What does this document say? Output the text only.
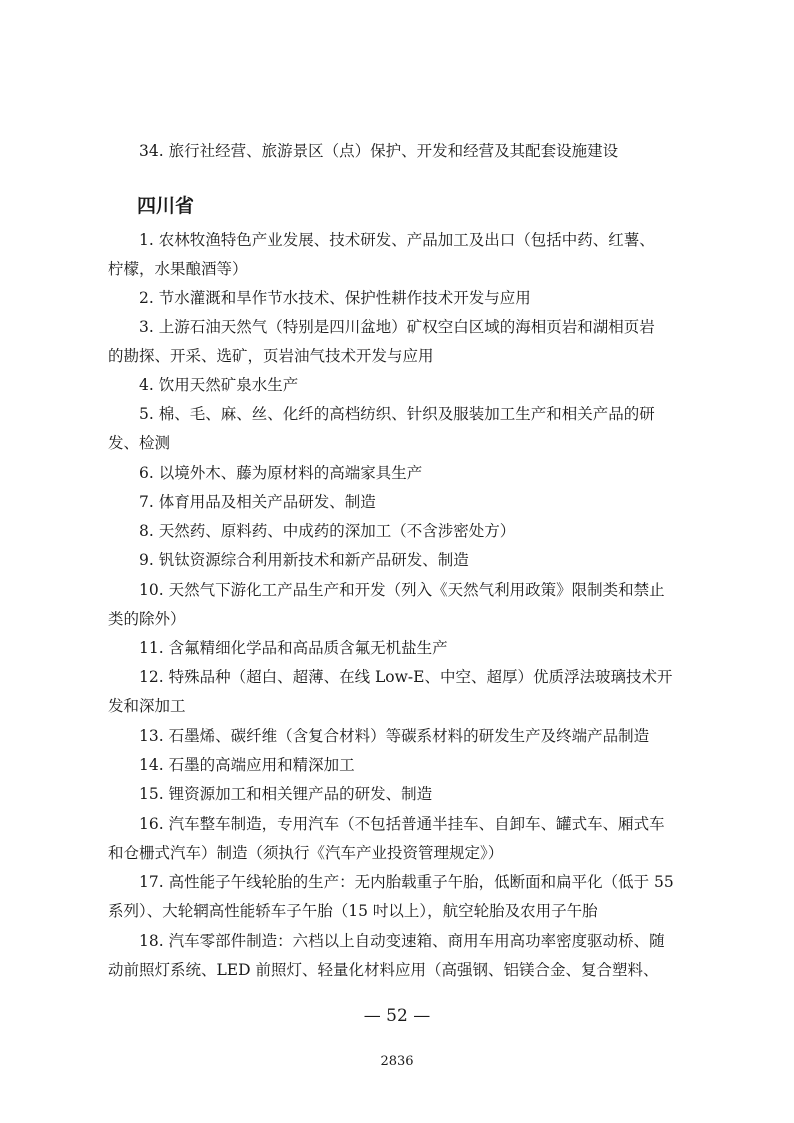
34. 旅行社经营、旅游景区（点）保护、开发和经营及其配套设施建设
四川省
1. 农林牧渔特色产业发展、技术研发、产品加工及出口（包括中药、红薯、
柠檬，水果酿酒等）
2. 节水灌溉和旱作节水技术、保护性耕作技术开发与应用
3. 上游石油天然气（特别是四川盆地）矿权空白区域的海相页岩和湖相页岩
的勘探、开采、选矿，页岩油气技术开发与应用
4. 饮用天然矿泉水生产
5. 棉、毛、麻、丝、化纤的高档纺织、针织及服装加工生产和相关产品的研
发、检测
6. 以境外木、藤为原材料的高端家具生产
7. 体育用品及相关产品研发、制造
8. 天然药、原料药、中成药的深加工（不含涉密处方）
9. 钒钛资源综合利用新技术和新产品研发、制造
10. 天然气下游化工产品生产和开发（列入《天然气利用政策》限制类和禁止
类的除外）
11. 含氟精细化学品和高品质含氟无机盐生产
12. 特殊品种（超白、超薄、在线 Low-E、中空、超厚）优质浮法玻璃技术开
发和深加工
13. 石墨烯、碳纤维（含复合材料）等碳系材料的研发生产及终端产品制造
14. 石墨的高端应用和精深加工
15. 锂资源加工和相关锂产品的研发、制造
16. 汽车整车制造，专用汽车（不包括普通半挂车、自卸车、罐式车、厢式车
和仓栅式汽车）制造（须执行《汽车产业投资管理规定》）
17. 高性能子午线轮胎的生产：无内胎载重子午胎，低断面和扁平化（低于 55
系列）、大轮辋高性能轿车子午胎（15 吋以上），航空轮胎及农用子午胎
18. 汽车零部件制造：六档以上自动变速箱、商用车用高功率密度驱动桥、随
动前照灯系统、LED 前照灯、轻量化材料应用（高强钢、铝镁合金、复合塑料、
— 52 —
2836
